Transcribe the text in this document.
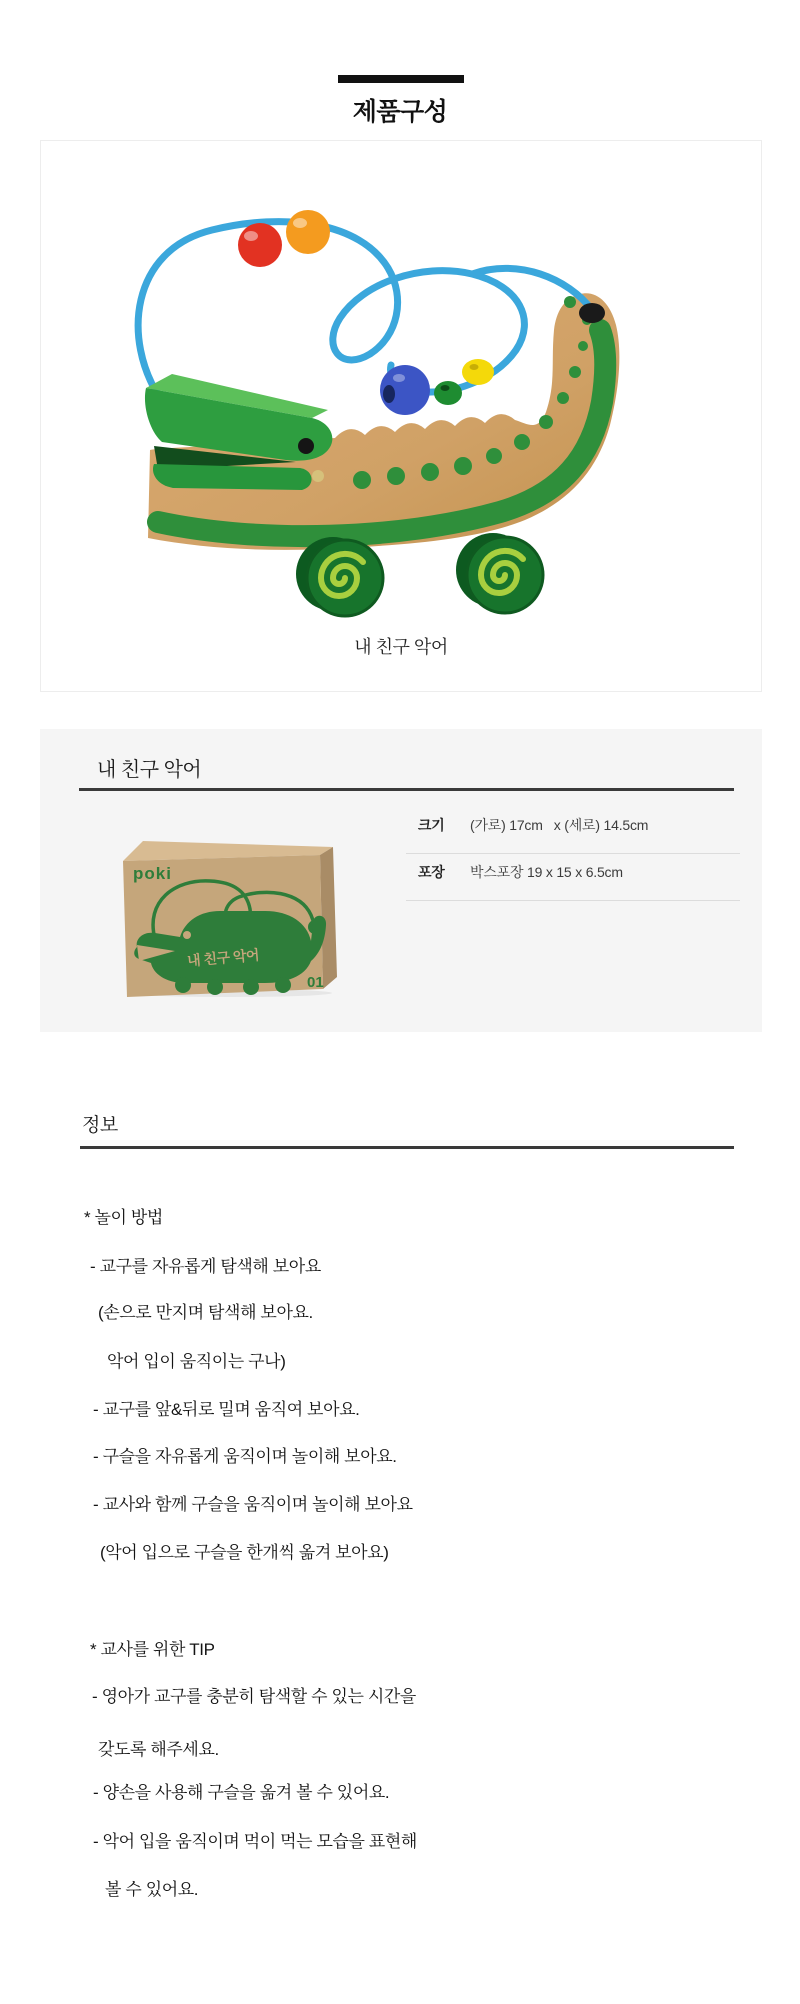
제품구성
내 친구 악어
내 친구 악어
poki
내 친구 악어
01
크기 (가로) 17cm   x (세로) 14.5cm
포장 박스포장 19 x 15 x 6.5cm
정보
* 놀이 방법
- 교구를 자유롭게 탐색해 보아요
(손으로 만지며 탐색해 보아요.
악어 입이 움직이는 구나)
- 교구를 앞&뒤로 밀며 움직여 보아요.
- 구슬을 자유롭게 움직이며 놀이해 보아요.
- 교사와 함께 구슬을 움직이며 놀이해 보아요
(악어 입으로 구슬을 한개씩 옮겨 보아요)
* 교사를 위한 TIP
- 영아가 교구를 충분히 탐색할 수 있는 시간을
갖도록 해주세요.
- 양손을 사용해 구슬을 옮겨 볼 수 있어요.
- 악어 입을 움직이며 먹이 먹는 모습을 표현해
볼 수 있어요.
